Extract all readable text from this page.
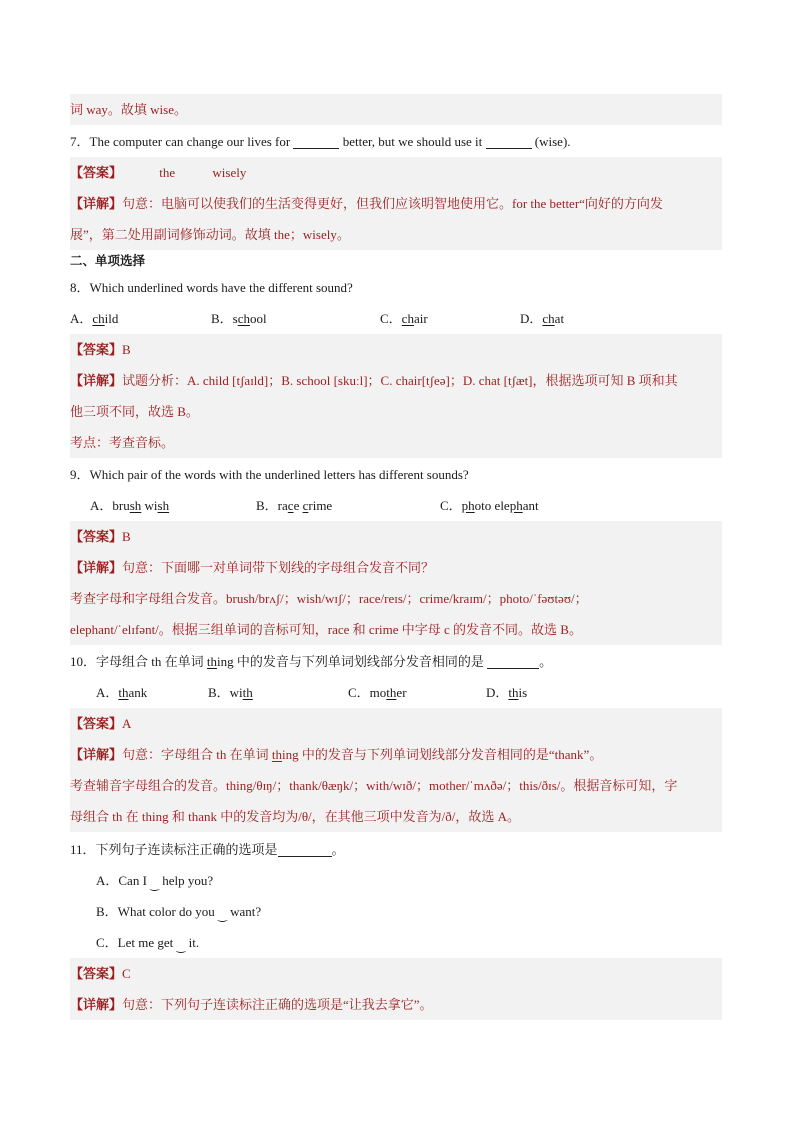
词 way。故填 wise。
7．The computer can change our lives for	better, but we should use it	(wise).
【答案】	the	wisely
【详解】句意：电脑可以使我们的生活变得更好，但我们应该明智地使用它。for the better“向好的方向发
展”，第二处用副词修饰动词。故填 the；wisely。
二、单项选择
8．Which underlined words have the different sound?
A．child	B．school	C．chair	D．chat
【答案】B
【详解】试题分析：A. child [tʃaɪld]；B. school [skuːl]；C. chair[tʃeə]；D. chat [tʃæt]，根据选项可知 B 项和其
他三项不同，故选 B。
考点：考查音标。
9．Which pair of the words with the underlined letters has different sounds?
A．brush wish	B．race crime	C．photo elephant
【答案】B
【详解】句意：下面哪一对单词带下划线的字母组合发音不同？
考查字母和字母组合发音。brush/brʌʃ/；wish/wɪʃ/；race/reɪs/；crime/kraɪm/；photo/ˈfəʊtəʊ/；
elephant/ˈelɪfənt/。根据三组单词的音标可知，race 和 crime 中字母 c 的发音不同。故选 B。
10．字母组合 th 在单词 thing 中的发音与下列单词划线部分发音相同的是	。
A．thank	B．with	C．mother	D．this
【答案】A
【详解】句意：字母组合 th 在单词 thing 中的发音与下列单词划线部分发音相同的是“thank”。
考查辅音字母组合的发音。thing/θɪŋ/；thank/θæŋk/；with/wɪð/；mother/ˈmʌðə/；this/ðɪs/。根据音标可知，字
母组合 th 在 thing 和 thank 中的发音均为/θ/，在其他三项中发音为/ð/，故选 A。
11．下列句子连读标注正确的选项是	。
A．Can I $_‿$ help you?
B．What color do you $_‿$ want?
C．Let me get $_‿$ it.
【答案】C
【详解】句意：下列句子连读标注正确的选项是“让我去拿它”。
